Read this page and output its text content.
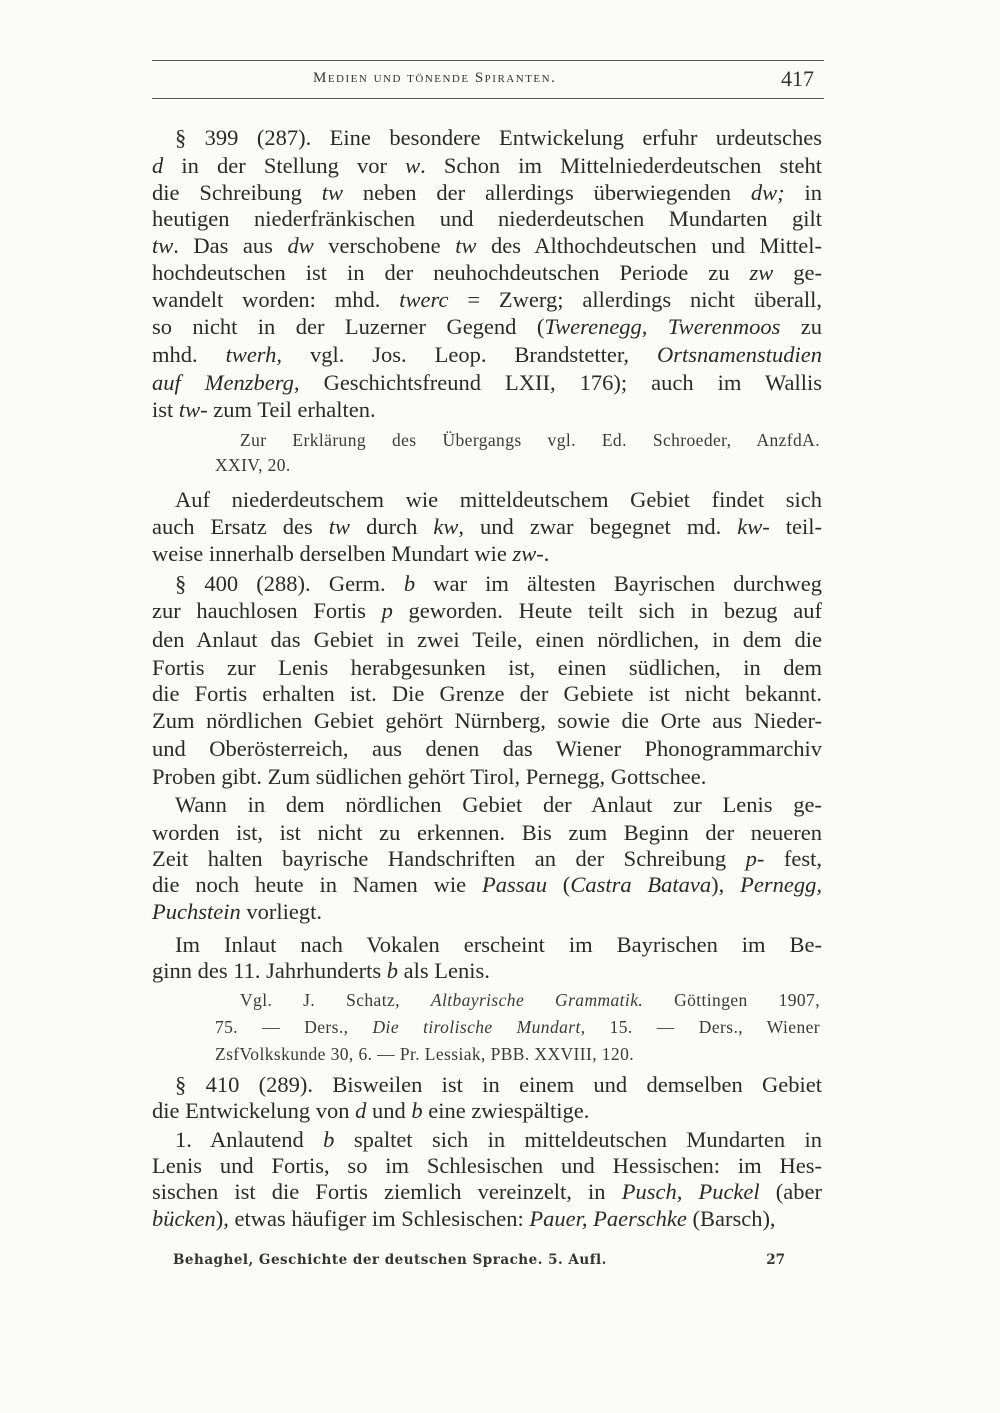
Medien und tönende Spiranten.	417
§ 399 (287). Eine besondere Entwickelung erfuhr urdeutsches
d in der Stellung vor w. Schon im Mittelniederdeutschen steht
die Schreibung tw neben der allerdings überwiegenden dw; in
heutigen niederfränkischen und niederdeutschen Mundarten gilt
tw. Das aus dw verschobene tw des Althochdeutschen und Mittel-
hochdeutschen ist in der neuhochdeutschen Periode zu zw ge-
wandelt worden: mhd. twerc = Zwerg; allerdings nicht überall,
so nicht in der Luzerner Gegend (Twerenegg, Twerenmoos zu
mhd. twerh, vgl. Jos. Leop. Brandstetter, Ortsnamenstudien
auf Menzberg, Geschichtsfreund LXII, 176); auch im Wallis
ist tw- zum Teil erhalten.
Zur Erklärung des Übergangs vgl. Ed. Schroeder, AnzfdA.
XXIV, 20.
Auf niederdeutschem wie mitteldeutschem Gebiet findet sich
auch Ersatz des tw durch kw, und zwar begegnet md. kw- teil-
weise innerhalb derselben Mundart wie zw-.
§ 400 (288). Germ. b war im ältesten Bayrischen durchweg
zur hauchlosen Fortis p geworden. Heute teilt sich in bezug auf
den Anlaut das Gebiet in zwei Teile, einen nördlichen, in dem die
Fortis zur Lenis herabgesunken ist, einen südlichen, in dem
die Fortis erhalten ist. Die Grenze der Gebiete ist nicht bekannt.
Zum nördlichen Gebiet gehört Nürnberg, sowie die Orte aus Nieder-
und Oberösterreich, aus denen das Wiener Phonogrammarchiv
Proben gibt. Zum südlichen gehört Tirol, Pernegg, Gottschee.
Wann in dem nördlichen Gebiet der Anlaut zur Lenis ge-
worden ist, ist nicht zu erkennen. Bis zum Beginn der neueren
Zeit halten bayrische Handschriften an der Schreibung p- fest,
die noch heute in Namen wie Passau (Castra Batava), Pernegg,
Puchstein vorliegt.
Im Inlaut nach Vokalen erscheint im Bayrischen im Be-
ginn des 11. Jahrhunderts b als Lenis.
Vgl. J. Schatz, Altbayrische Grammatik. Göttingen 1907,
75. — Ders., Die tirolische Mundart, 15. — Ders., Wiener
ZsfVolkskunde 30, 6. — Pr. Lessiak, PBB. XXVIII, 120.
§ 410 (289). Bisweilen ist in einem und demselben Gebiet
die Entwickelung von d und b eine zwiespältige.
1. Anlautend b spaltet sich in mitteldeutschen Mundarten in
Lenis und Fortis, so im Schlesischen und Hessischen: im Hes-
sischen ist die Fortis ziemlich vereinzelt, in Pusch, Puckel (aber
bücken), etwas häufiger im Schlesischen: Pauer, Paerschke (Barsch),
Behaghel, Geschichte der deutschen Sprache. 5. Aufl.	27
